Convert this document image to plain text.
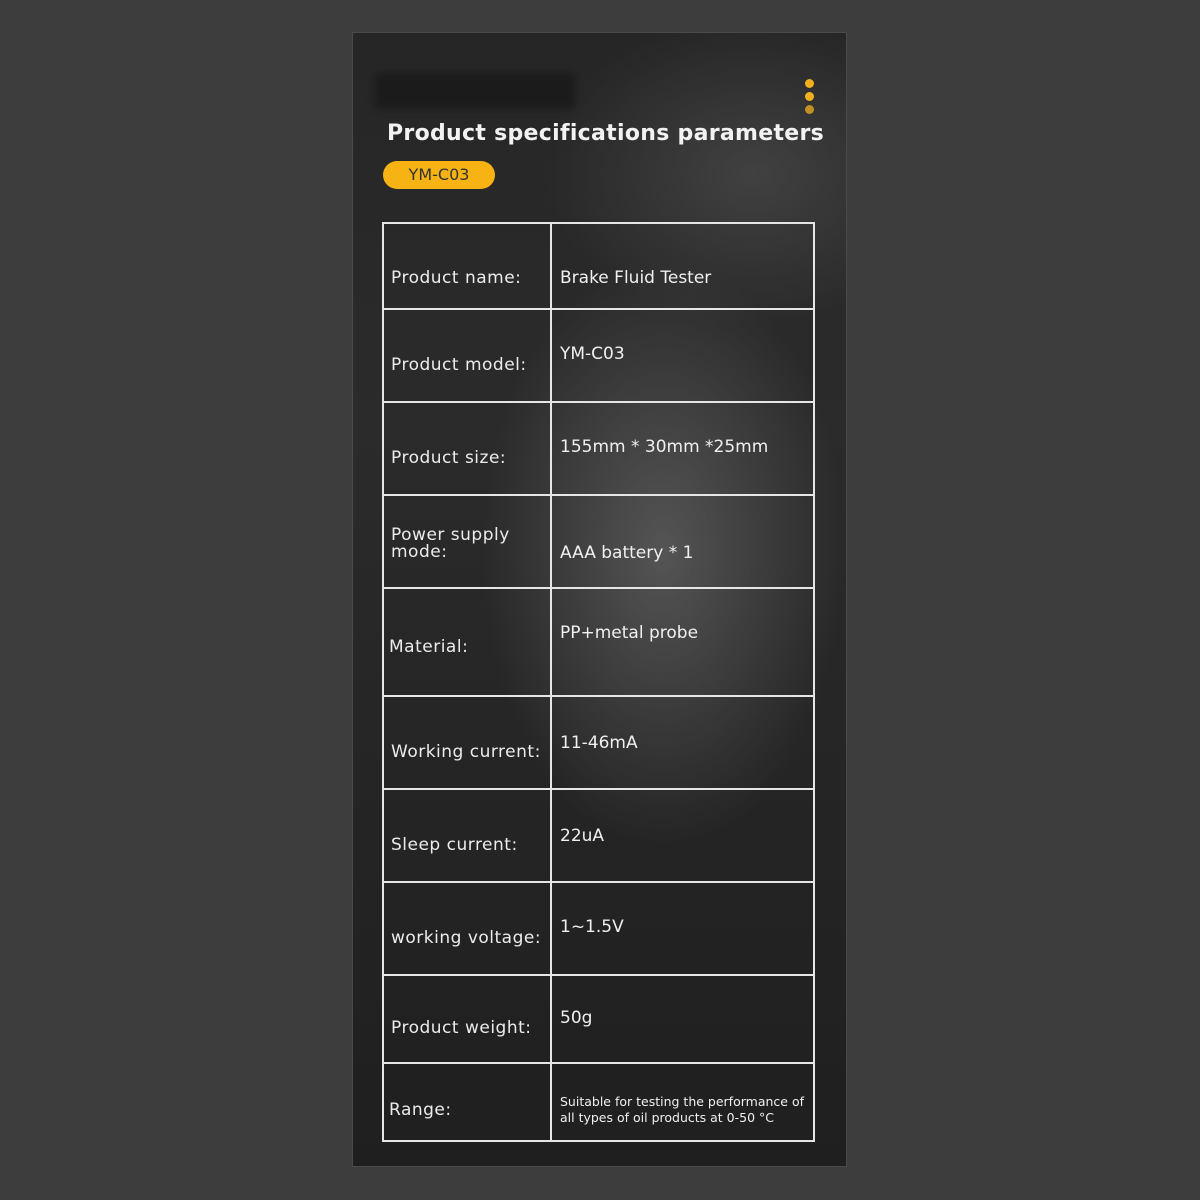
Product specifications parameters
YM-C03
Product name:	Brake Fluid Tester
Product model:
YM-C03
Product size:
155mm * 30mm *25mm
Power supply mode:	AAA battery * 1
Material:
PP+metal probe
Working current:	11-46mA
Sleep current:	22uA
working voltage:
1~1.5V
Product weight:	50g
Range:	Suitable for testing the performance of all types of oil products at 0-50 °C
